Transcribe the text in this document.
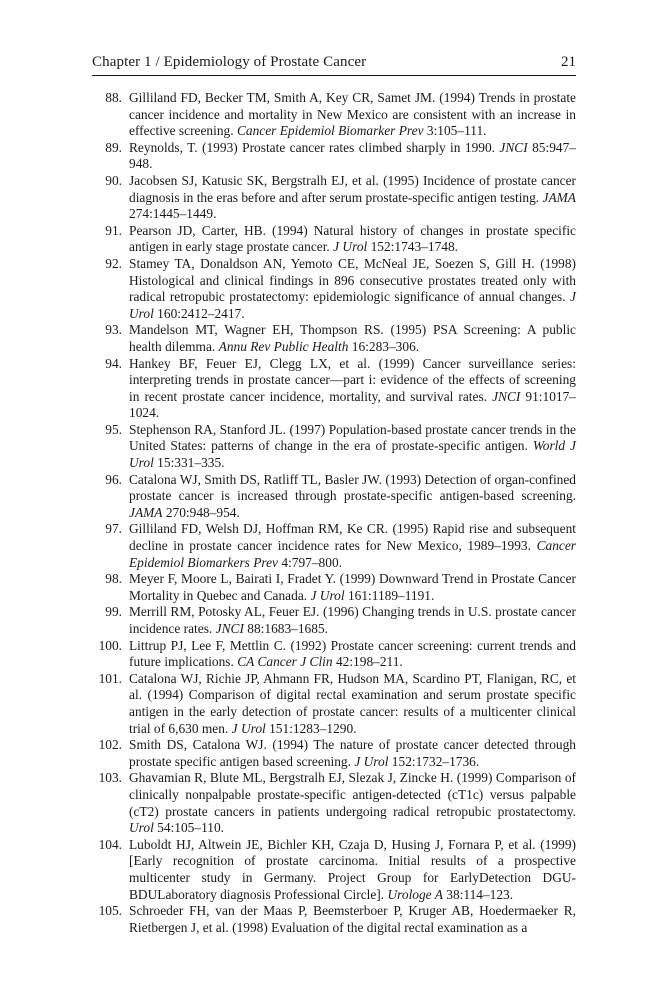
Chapter 1 / Epidemiology of Prostate Cancer	21
88. Gilliland FD, Becker TM, Smith A, Key CR, Samet JM. (1994) Trends in prostate cancer incidence and mortality in New Mexico are consistent with an increase in effective screening. Cancer Epidemiol Biomarker Prev 3:105–111.
89. Reynolds, T. (1993) Prostate cancer rates climbed sharply in 1990. JNCI 85:947–948.
90. Jacobsen SJ, Katusic SK, Bergstralh EJ, et al. (1995) Incidence of prostate cancer diagnosis in the eras before and after serum prostate-specific antigen testing. JAMA 274:1445–1449.
91. Pearson JD, Carter, HB. (1994) Natural history of changes in prostate specific antigen in early stage prostate cancer. J Urol 152:1743–1748.
92. Stamey TA, Donaldson AN, Yemoto CE, McNeal JE, Soezen S, Gill H. (1998) Histological and clinical findings in 896 consecutive prostates treated only with radical retropubic prostatectomy: epidemiologic significance of annual changes. J Urol 160:2412–2417.
93. Mandelson MT, Wagner EH, Thompson RS. (1995) PSA Screening: A public health dilemma. Annu Rev Public Health 16:283–306.
94. Hankey BF, Feuer EJ, Clegg LX, et al. (1999) Cancer surveillance series: interpreting trends in prostate cancer—part i: evidence of the effects of screening in recent prostate cancer incidence, mortality, and survival rates. JNCI 91:1017–1024.
95. Stephenson RA, Stanford JL. (1997) Population-based prostate cancer trends in the United States: patterns of change in the era of prostate-specific antigen. World J Urol 15:331–335.
96. Catalona WJ, Smith DS, Ratliff TL, Basler JW. (1993) Detection of organ-confined prostate cancer is increased through prostate-specific antigen-based screening. JAMA 270:948–954.
97. Gilliland FD, Welsh DJ, Hoffman RM, Ke CR. (1995) Rapid rise and subsequent decline in prostate cancer incidence rates for New Mexico, 1989–1993. Cancer Epidemiol Biomarkers Prev 4:797–800.
98. Meyer F, Moore L, Bairati I, Fradet Y. (1999) Downward Trend in Prostate Cancer Mortality in Quebec and Canada. J Urol 161:1189–1191.
99. Merrill RM, Potosky AL, Feuer EJ. (1996) Changing trends in U.S. prostate cancer incidence rates. JNCI 88:1683–1685.
100. Littrup PJ, Lee F, Mettlin C. (1992) Prostate cancer screening: current trends and future implications. CA Cancer J Clin 42:198–211.
101. Catalona WJ, Richie JP, Ahmann FR, Hudson MA, Scardino PT, Flanigan, RC, et al. (1994) Comparison of digital rectal examination and serum prostate specific antigen in the early detection of prostate cancer: results of a multicenter clinical trial of 6,630 men. J Urol 151:1283–1290.
102. Smith DS, Catalona WJ. (1994) The nature of prostate cancer detected through prostate specific antigen based screening. J Urol 152:1732–1736.
103. Ghavamian R, Blute ML, Bergstralh EJ, Slezak J, Zincke H. (1999) Comparison of clinically nonpalpable prostate-specific antigen-detected (cT1c) versus palpable (cT2) prostate cancers in patients undergoing radical retropubic prostatectomy. Urol 54:105–110.
104. Luboldt HJ, Altwein JE, Bichler KH, Czaja D, Husing J, Fornara P, et al. (1999) [Early recognition of prostate carcinoma. Initial results of a prospective multicenter study in Germany. Project Group for EarlyDetection DGU-BDULaboratory diagnosis Professional Circle]. Urologe A 38:114–123.
105. Schroeder FH, van der Maas P, Beemsterboer P, Kruger AB, Hoedermaeker R, Rietbergen J, et al. (1998) Evaluation of the digital rectal examination as a
